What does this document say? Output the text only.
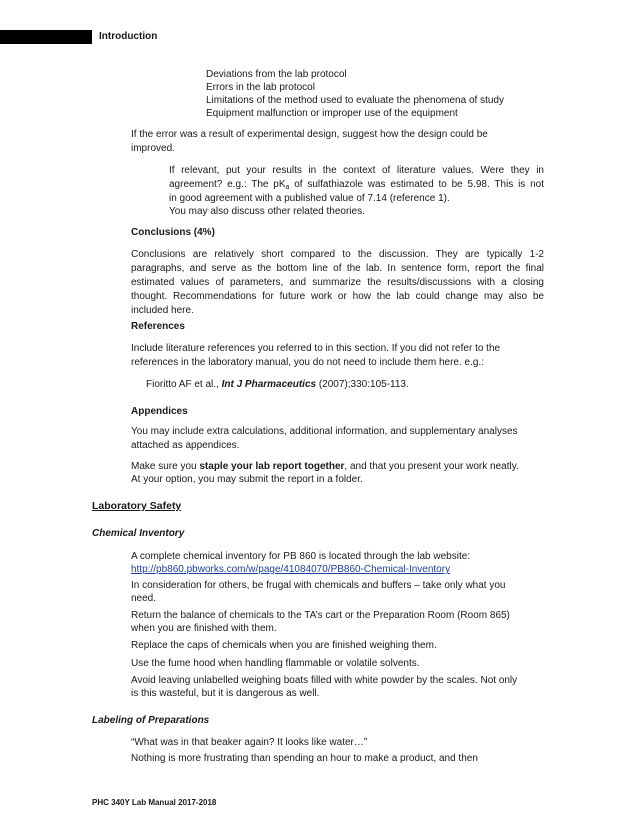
Introduction
Deviations from the lab protocol
Errors in the lab protocol
Limitations of the method used to evaluate the phenomena of study
Equipment malfunction or improper use of the equipment
If the error was a result of experimental design, suggest how the design could be
improved.
If relevant, put your results in the context of literature values. Were they in
agreement? e.g.: The $pK_a$ of sulfathiazole was estimated to be 5.98. This is not
in good agreement with a published value of 7.14 (reference 1).
You may also discuss other related theories.
Conclusions (4%)
Conclusions are relatively short compared to the discussion. They are typically 1-2
paragraphs, and serve as the bottom line of the lab. In sentence form, report the final
estimated values of parameters, and summarize the results/discussions with a closing
thought. Recommendations for future work or how the lab could change may also be
included here.
References
Include literature references you referred to in this section. If you did not refer to the
references in the laboratory manual, you do not need to include them here. e.g.:
Fioritto AF et al., Int J Pharmaceutics (2007);330:105-113.
Appendices
You may include extra calculations, additional information, and supplementary analyses
attached as appendices.
Make sure you staple your lab report together, and that you present your work neatly.
At your option, you may submit the report in a folder.
Laboratory Safety
Chemical Inventory
A complete chemical inventory for PB 860 is located through the lab website:
http://pb860.pbworks.com/w/page/41084070/PB860-Chemical-Inventory
In consideration for others, be frugal with chemicals and buffers – take only what you
need.
Return the balance of chemicals to the TA’s cart or the Preparation Room (Room 865)
when you are finished with them.
Replace the caps of chemicals when you are finished weighing them.
Use the fume hood when handling flammable or volatile solvents.
Avoid leaving unlabelled weighing boats filled with white powder by the scales. Not only
is this wasteful, but it is dangerous as well.
Labeling of Preparations
“What was in that beaker again? It looks like water…”
Nothing is more frustrating than spending an hour to make a product, and then
PHC 340Y Lab Manual 2017-2018
